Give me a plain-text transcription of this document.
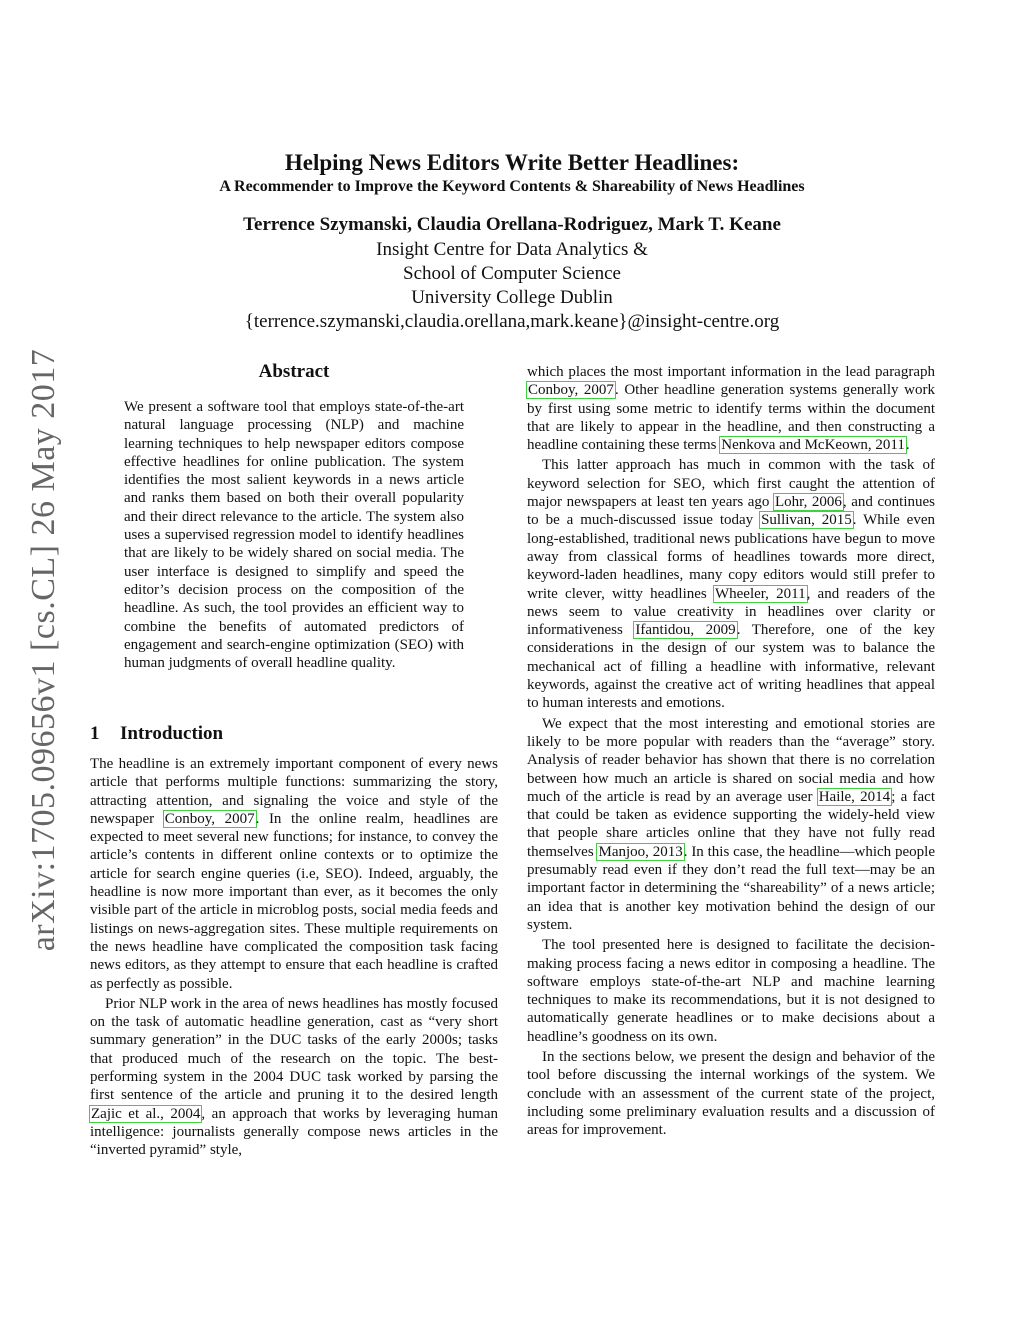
Helping News Editors Write Better Headlines:
A Recommender to Improve the Keyword Contents & Shareability of News Headlines
Terrence Szymanski, Claudia Orellana-Rodriguez, Mark T. Keane
Insight Centre for Data Analytics &
School of Computer Science
University College Dublin
{terrence.szymanski,claudia.orellana,mark.keane}@insight-centre.org
arXiv:1705.09656v1 [cs.CL] 26 May 2017	Abstract
We present a software tool that employs state-of-the-art natural language processing (NLP) and machine learning techniques to help newspaper editors compose effective headlines for online publication. The system identifies the most salient keywords in a news article and ranks them based on both their overall popularity and their direct relevance to the article. The system also uses a supervised regression model to identify headlines that are likely to be widely shared on social media. The user interface is designed to simplify and speed the editor’s decision process on the composition of the headline. As such, the tool provides an efficient way to combine the benefits of automated predictors of engagement and search-engine optimization (SEO) with human judgments of overall headline quality.
1 Introduction

The headline is an extremely important component of every news article that performs multiple functions: summarizing the story, attracting attention, and signaling the voice and style of the newspaper Conboy, 2007. In the online realm, headlines are expected to meet several new functions; for instance, to convey the article’s contents in different online contexts or to optimize the article for search engine queries (i.e, SEO). Indeed, arguably, the headline is now more important than ever, as it becomes the only visible part of the article in microblog posts, social media feeds and listings on news-aggregation sites. These multiple requirements on the news headline have complicated the composition task facing news editors, as they attempt to ensure that each headline is crafted as perfectly as possible.

Prior NLP work in the area of news headlines has mostly focused on the task of automatic headline generation, cast as “very short summary generation” in the DUC tasks of the early 2000s; tasks that produced much of the research on the topic. The best-performing system in the 2004 DUC task worked by parsing the first sentence of the article and pruning it to the desired length Zajic et al., 2004, an approach that works by leveraging human intelligence: journalists generally compose news articles in the “inverted pyramid” style,

which places the most important information in the lead paragraph Conboy, 2007. Other headline generation systems generally work by first using some metric to identify terms within the document that are likely to appear in the headline, and then constructing a headline containing these terms Nenkova and McKeown, 2011.

This latter approach has much in common with the task of keyword selection for SEO, which first caught the attention of major newspapers at least ten years ago Lohr, 2006, and continues to be a much-discussed issue today Sullivan, 2015. While even long-established, traditional news publications have begun to move away from classical forms of headlines towards more direct, keyword-laden headlines, many copy editors would still prefer to write clever, witty headlines Wheeler, 2011, and readers of the news seem to value creativity in headlines over clarity or informativeness Ifantidou, 2009. Therefore, one of the key considerations in the design of our system was to balance the mechanical act of filling a headline with informative, relevant keywords, against the creative act of writing headlines that appeal to human interests and emotions.

We expect that the most interesting and emotional stories are likely to be more popular with readers than the “average” story. Analysis of reader behavior has shown that there is no correlation between how much an article is shared on social media and how much of the article is read by an average user Haile, 2014; a fact that could be taken as evidence supporting the widely-held view that people share articles online that they have not fully read themselves Manjoo, 2013. In this case, the headline—which people presumably read even if they don’t read the full text—may be an important factor in determining the “shareability” of a news article; an idea that is another key motivation behind the design of our system.

The tool presented here is designed to facilitate the decision-making process facing a news editor in composing a headline. The software employs state-of-the-art NLP and machine learning techniques to make its recommendations, but it is not designed to automatically generate headlines or to make decisions about a headline’s goodness on its own.

In the sections below, we present the design and behavior of the tool before discussing the internal workings of the system. We conclude with an assessment of the current state of the project, including some preliminary evaluation results and a discussion of areas for improvement.
